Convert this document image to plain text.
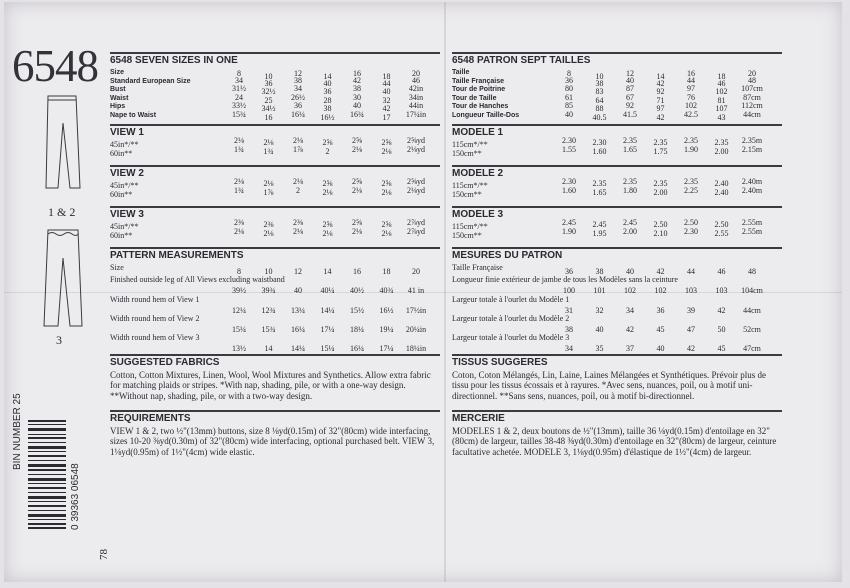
6548
1 & 2
3
BIN NUMBER 25
0 39363 06548
78
6548 SEVEN SIZES IN ONE
Size	8	10	12	14	16	18	20
Standard European Size	34	36	38	40	42	44	46
Bust	31½	32½	34	36	38	40	42in
Waist	24	25	26½	28	30	32	34in
Hips	33½	34½	36	38	40	42	44in
Nape to Waist	15¾	16	16¼	16½	16¾	17	17¼in
VIEW 1
45in*/**	2⅛	2⅛	2⅛	2⅝	2⅝	2⅝	2⅝yd
60in**	1¾	1¾	1⅞	2	2⅛	2⅛	2⅛yd
VIEW 2
45in*/**	2⅛	2⅛	2⅛	2⅝	2⅝	2⅝	2⅝yd
60in**	1¾	1⅞	2	2⅛	2⅛	2⅛	2⅛yd
VIEW 3
45in*/**	2⅜	2⅜	2⅜	2⅝	2⅝	2⅝	2⅞yd
60in**	2⅛	2⅛	2⅛	2⅛	2⅛	2⅛	2⅞yd
PATTERN MEASUREMENTS
Size	8	10	12	14	16	18	20
Finished outside leg of All Views excluding waistband
39½	39¾	40	40¼	40½	40¾	41 in
Width round hem of View 1
12¼	12¾	13¼	14¼	15½	16½	17½in
Width round hem of View 2
15¼	15¾	16¼	17¼	18¼	19¼	20¼in
Width round hem of View 3
13½	14	14¼	15¼	16¼	17¼	18¼in
SUGGESTED FABRICS
Cotton, Cotton Mixtures, Linen, Wool, Wool Mixtures and Synthetics. Allow extra fabric for matching plaids or stripes. *With nap, shading, pile, or with a one-way design. **Without nap, shading, pile, or with a two-way design.
REQUIREMENTS
VIEW 1 & 2, two ½"(13mm) buttons, size 8 ⅛yd(0.15m) of 32"(80cm) wide interfacing, sizes 10-20 ⅜yd(0.30m) of 32"(80cm) wide interfacing, optional purchased belt. VIEW 3, 1⅛yd(0.95m) of 1½"(4cm) wide elastic.
6548 PATRON SEPT TAILLES
Taille	8	10	12	14	16	18	20
Taille Française	36	38	40	42	44	46	48
Tour de Poitrine	80	83	87	92	97	102	107cm
Tour de Taille	61	64	67	71	76	81	87cm
Tour de Hanches	85	88	92	97	102	107	112cm
Longueur Taille-Dos	40	40.5	41.5	42	42.5	43	44cm
MODELE 1
115cm*/**	2.30	2.30	2.35	2.35	2.35	2.35	2.35m
150cm**	1.55	1.60	1.65	1.75	1.90	2.00	2.15m
MODELE 2
115cm*/**	2.30	2.35	2.35	2.35	2.35	2.40	2.40m
150cm**	1.60	1.65	1.80	2.00	2.25	2.40	2.40m
MODELE 3
115cm*/**	2.45	2.45	2.45	2.50	2.50	2.50	2.55m
150cm**	1.90	1.95	2.00	2.10	2.30	2.55	2.55m
MESURES DU PATRON
Taille Française	36	38	40	42	44	46	48
Longueur finie extérieur de jambe de tous les Modèles sans la ceinture
100	101	102	102	103	103	104cm
Largeur totale à l'ourlet du Modèle 1
31	32	34	36	39	42	44cm
Largeur totale à l'ourlet du Modèle 2
38	40	42	45	47	50	52cm
Largeur totale à l'ourlet du Modèle 3
34	35	37	40	42	45	47cm
TISSUS SUGGERES
Coton, Coton Mélangés, Lin, Laine, Laines Mélangées et Synthétiques. Prévoir plus de tissu pour les tissus écossais et à rayures. *Avec sens, nuances, poil, ou à motif uni-directionnel. **Sans sens, nuances, poil, ou à motif bi-directionnel.
MERCERIE
MODELES 1 & 2, deux boutons de ½"(13mm), taille 36 ⅛yd(0.15m) d'entoilage en 32"(80cm) de largeur, tailles 38-48 ⅜yd(0.30m) d'entoilage en 32"(80cm) de largeur, ceinture facultative achetée. MODELE 3, 1⅛yd(0.95m) d'élastique de 1½"(4cm) de largeur.
